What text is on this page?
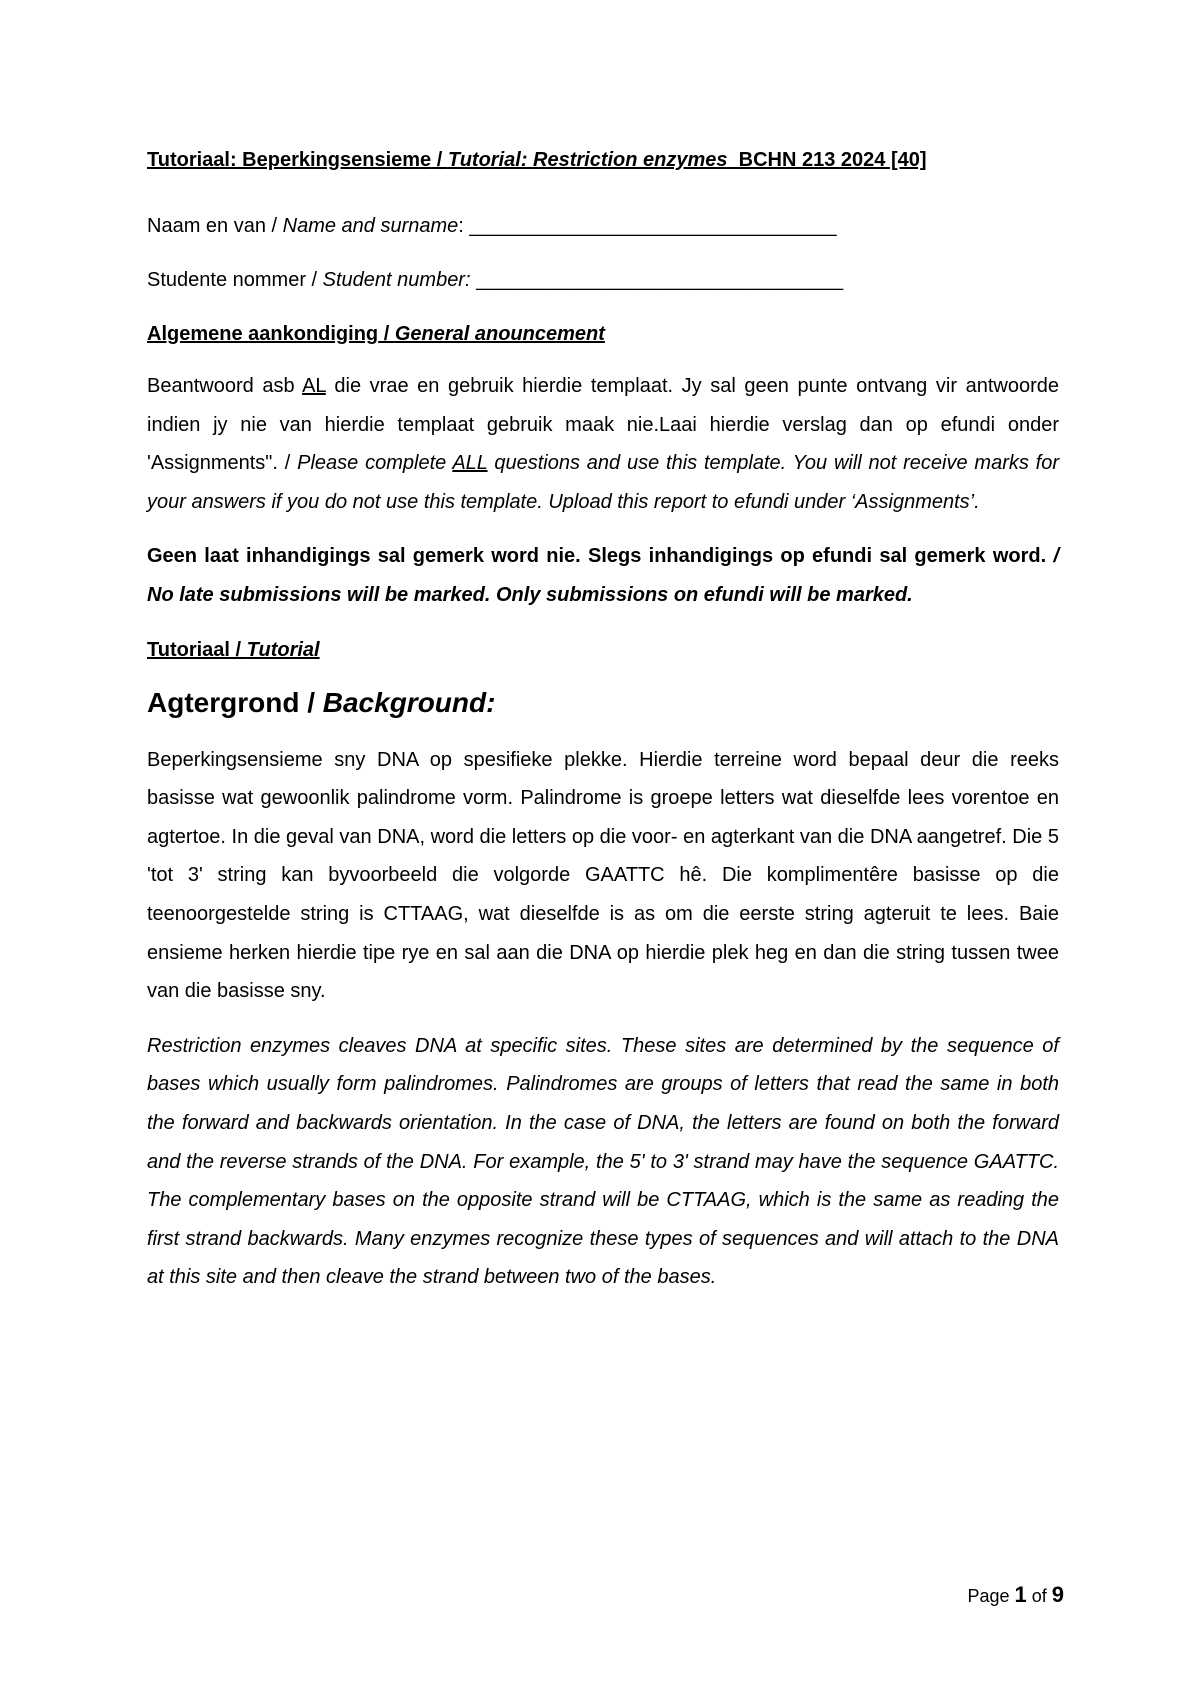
Tutoriaal: Beperkingsensieme / Tutorial: Restriction enzymes BCHN 213 2024 [40]

Naam en van / Name and surname: _________________________________

Studente nommer / Student number: _________________________________

Algemene aankondiging / General anouncement

Beantwoord asb AL die vrae en gebruik hierdie templaat. Jy sal geen punte ontvang vir antwoorde indien jy nie van hierdie templaat gebruik maak nie.Laai hierdie verslag dan op efundi onder 'Assignments". / Please complete ALL questions and use this template. You will not receive marks for your answers if you do not use this template. Upload this report to efundi under ‘Assignments’.

Geen laat inhandigings sal gemerk word nie. Slegs inhandigings op efundi sal gemerk word. / No late submissions will be marked. Only submissions on efundi will be marked.

Tutoriaal / Tutorial

Agtergrond / Background:

Beperkingsensieme sny DNA op spesifieke plekke. Hierdie terreine word bepaal deur die reeks basisse wat gewoonlik palindrome vorm. Palindrome is groepe letters wat dieselfde lees vorentoe en agtertoe. In die geval van DNA, word die letters op die voor- en agterkant van die DNA aangetref. Die 5 'tot 3' string kan byvoorbeeld die volgorde GAATTC hê. Die komplimentêre basisse op die teenoorgestelde string is CTTAAG, wat dieselfde is as om die eerste string agteruit te lees. Baie ensieme herken hierdie tipe rye en sal aan die DNA op hierdie plek heg en dan die string tussen twee van die basisse sny.

Restriction enzymes cleaves DNA at specific sites. These sites are determined by the sequence of bases which usually form palindromes. Palindromes are groups of letters that read the same in both the forward and backwards orientation. In the case of DNA, the letters are found on both the forward and the reverse strands of the DNA. For example, the 5' to 3' strand may have the sequence GAATTC. The complementary bases on the opposite strand will be CTTAAG, which is the same as reading the first strand backwards. Many enzymes recognize these types of sequences and will attach to the DNA at this site and then cleave the strand between two of the bases.

Page 1 of 9
